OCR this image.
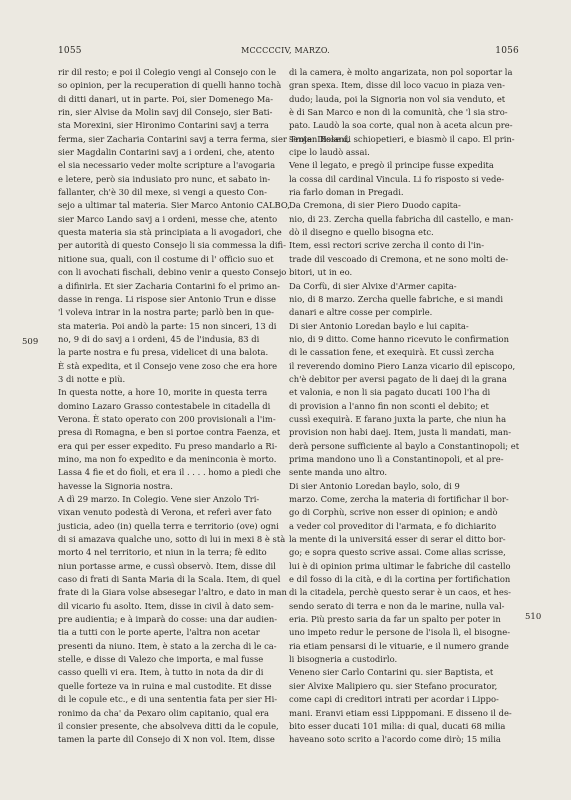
1055	MCCCCCIV, MARZO.	1056
509
510
rir dil resto; e poi il Colegio vengi al Consejo con le
so opinion, per la recuperation di quelli hanno tochà
di ditti danari, ut in parte. Poi, sier Domenego Ma-
rin, sier Alvise da Molin savj dil Consejo, sier Bati-
sta Morexini, sier Hironimo Contarini savj a terra
ferma, sier Zacharia Contarini savj a terra ferma, sier Trojan Bolani,
sier Magdalin Contarini savj a i ordeni, che, atento
el sia necessario veder molte scripture a l'avogaria
e letere, però sia indusiato pro nunc, et sabato in-
fallanter, ch'è 30 dil mexe, si vengi a questo Con-
sejo a ultimar tal materia. Sier Marco Antonio CALBO,
sier Marco Lando savj a i ordeni, messe che, atento
questa materia sia stà principiata a li avogadori, che
per autorità di questo Consejo li sia commessa la difi-
nitione sua, quali, con il costume di l' officio suo et
con li avochati fischali, debino venir a questo Consejo
a difinirla. Et sier Zacharia Contarini fo el primo an-
dasse in renga. Li rispose sier Antonio Trun e disse
'l voleva intrar in la nostra parte; parlò ben in que-
sta materia. Poi andò la parte: 15 non sinceri, 13 di
no, 9 di do savj a i ordeni, 45 de l'indusia, 83 di
la parte nostra e fu presa, videlicet di una balota.
È stà expedita, et il Consejo vene zoso che era hore
3 di notte e più.
In questa notte, a hore 10, morite in questa terra
domino Lazaro Grasso contestabele in citadella di
Verona. È stato operato con 200 provisionali a l'im-
presa di Romagna, e ben si portoe contra Faenza, et
era qui per esser expedito. Fu preso mandarlo a Ri-
mino, ma non fo expedito e da meninconia è morto.
Lassa 4 fie et do fioli, et era il . . . . homo a piedi che
havesse la Signoria nostra.
A dì 29 marzo. In Colegio. Vene sier Anzolo Tri-
vixan venuto podestà di Verona, et referì aver fato
justicia, adeo (in) quella terra e territorio (ove) ogni
di si amazava qualche uno, sotto di lui in mexi 8 è stà
morto 4 nel territorio, et niun in la terra; fè edito
niun portasse arme, e cussì observò. Item, disse dil
caso di frati di Santa Maria di la Scala. Item, di quel
frate di la Giara volse absesegar l'altro, e dato in man
dil vicario fu asolto. Item, disse in civil à dato sem-
pre audientia; e à imparà do cosse: una dar audien-
tia a tutti con le porte aperte, l'altra non acetar
presenti da niuno. Item, è stato a la zercha di le ca-
stelle, e disse di Valezo che importa, e mal fusse
casso quelli vi era. Item, à tutto in nota da dir di
quelle forteze va in ruina e mal custodite. Et disse
di le copule etc., e di una sententia fata per sier Hi-
ronimo da cha' da Pexaro olim capitanio, qual era
il consier presente, che absolveva ditti da le copule,
tamen la parte dil Consejo di X non vol. Item, disse
di la camera, è molto angarizata, non pol soportar la
gran spexa. Item, disse dil loco vacuo in piaza ven-
dudo; lauda, poi la Signoria non vol sia venduto, et
è di San Marco e non di la comunità, che 'l sia stro-
pato. Laudò la soa corte, qual non à aceta alcun pre-
sente. Disse di schiopetieri, e biasmò il capo. El prin-
cipe lo laudò assai.
Vene il legato, e pregò il principe fusse expedita
la cossa dil cardinal Vincula. Li fo risposto si vede-
ria farlo doman in Pregadi.
Da Cremona, di sier Piero Duodo capita-
nio, di 23. Zercha quella fabricha dil castello, e man-
dò il disegno e quello bisogna etc.
Item, essi rectori scrive zercha il conto di l'in-
trade dil vescoado di Cremona, et ne sono molti de-
bitori, ut in eo.
Da Corfù, di sier Alvixe d'Armer capita-
nio, di 8 marzo. Zercha quelle fabriche, e si mandi
danari e altre cosse per compirle.
Di sier Antonio Loredan baylo e lui capita-
nio, di 9 ditto. Come hanno ricevuto le confirmation
di le cassation fene, et exequirà. Et cussì zercha
il reverendo domino Piero Lanza vicario dil episcopo,
ch'è debitor per aversi pagato de li daej di la grana
et valonia, e non li sia pagato ducati 100 l'ha di
di provision a l'anno fin non sconti el debito; et
cussì exequirà. E farano juxta la parte, che niun ha
provision non habi daej. Item, justa li mandati, man-
derà persone sufficiente al baylo a Constantinopoli; et
prima mandono uno lì a Constantinopoli, et al pre-
sente manda uno altro.
Di sier Antonio Loredan baylo, solo, di 9
marzo. Come, zercha la materia di fortifichar il bor-
go di Corphù, scrive non esser di opinion; e andò
a veder col proveditor di l'armata, e fo dichiarito
la mente di la universitá esser di serar el ditto bor-
go; e sopra questo scrive assai. Come alias scrisse,
lui è di opinion prima ultimar le fabriche dil castello
e dil fosso di la cità, e di la cortina per fortifichation
di la citadela, perchè questo serar è un caos, et hes-
sendo serato di terra e non da le marine, nulla val-
eria. Più presto saria da far un spalto per poter in
uno impeto redur le persone de l'isola lì, el bisogne-
ria etiam pensarsi di le vituarie, e il numero grande
li bisogneria a custodirlo.
Veneno sier Carlo Contarini qu. sier Baptista, et
sier Alvixe Malipiero qu. sier Stefano procurator,
come capi di creditori intrati per acordar i Lippo-
mani. Eranvi etiam essi Lipppomani. E disseno il de-
bito esser ducati 101 milia: di qual, ducati 68 milia
haveano soto scrito a l'acordo come dirò; 15 milia
